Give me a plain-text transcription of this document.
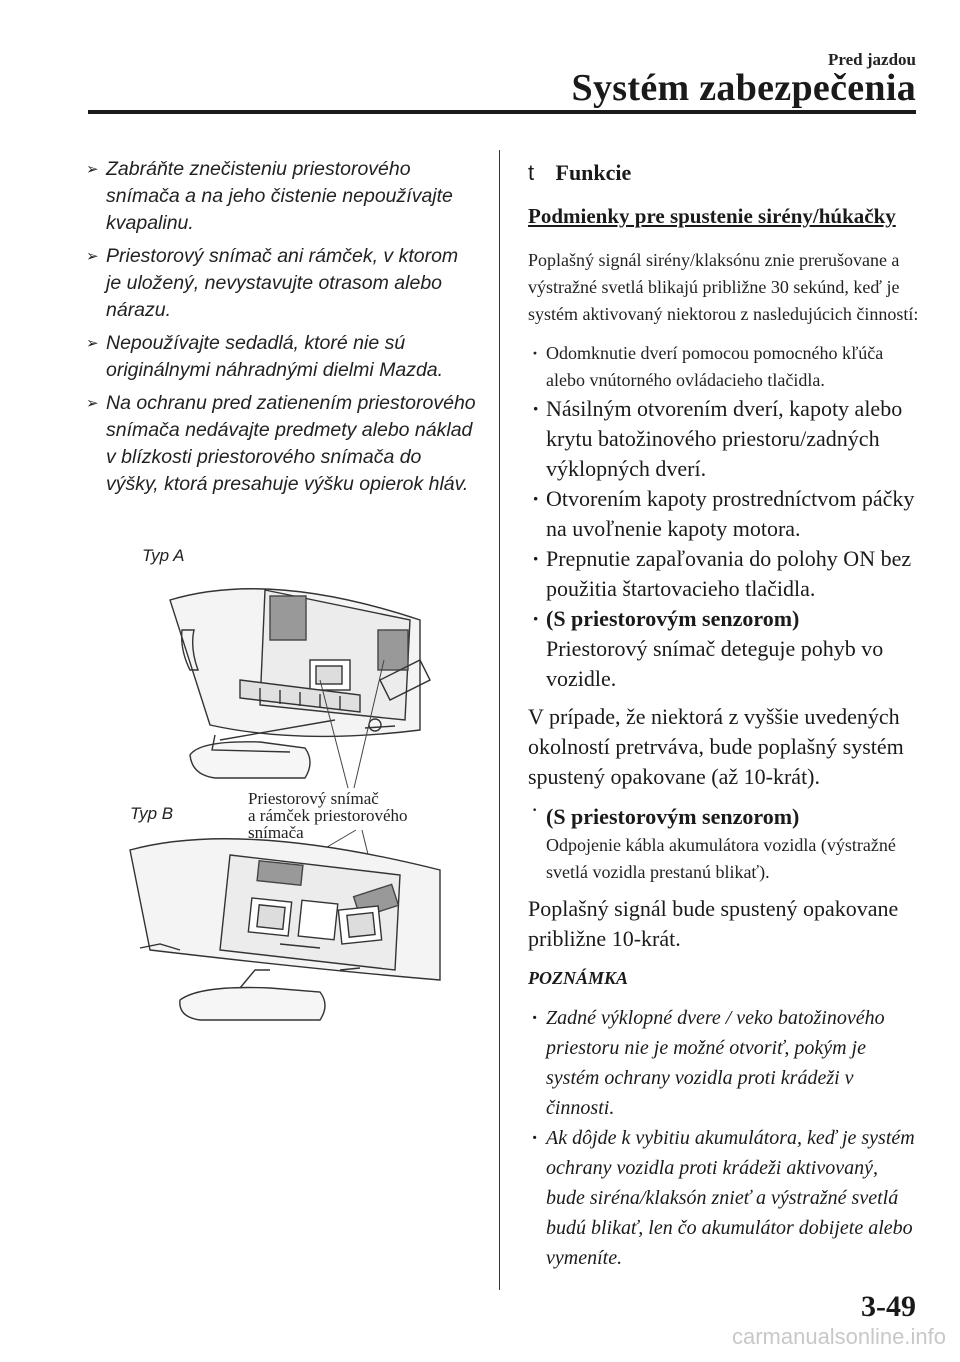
Pred jazdou
Systém zabezpečenia
➢ Zabráňte znečisteniu priestorového snímača a na jeho čistenie nepoužívajte kvapalinu.
➢ Priestorový snímač ani rámček, v ktorom je uložený, nevystavujte otrasom alebo nárazu.
➢ Nepoužívajte sedadlá, ktoré nie sú originálnymi náhradnými dielmi Mazda.
➢ Na ochranu pred zatienením priestorového snímača nedávajte predmety alebo náklad v blízkosti priestorového snímača do výšky, ktorá presahuje výšku opierok hláv.
Typ A
Typ B
Priestorový snímač
a rámček priestorového
snímača
t Funkcie
Podmienky pre spustenie sirény/húkačky

Poplašný signál sirény/klaksónu znie prerušovane a výstražné svetlá blikajú približne 30 sekúnd, keď je systém aktivovaný niektorou z nasledujúcich činností:

· Odomknutie dverí pomocou pomocného kľúča alebo vnútorného ovládacieho tlačidla.
· Násilným otvorením dverí, kapoty alebo krytu batožinového priestoru/zadných výklopných dverí.
· Otvorením kapoty prostredníctvom páčky na uvoľnenie kapoty motora.
· Prepnutie zapaľovania do polohy ON bez použitia štartovacieho tlačidla.
· (S priestorovým senzorom)
Priestorový snímač deteguje pohyb vo vozidle.

V prípade, že niektorá z vyššie uvedených okolností pretrváva, bude poplašný systém spustený opakovane (až 10-krát).

· (S priestorovým senzorom)
Odpojenie kábla akumulátora vozidla (výstražné svetlá vozidla prestanú blikať).

Poplašný signál bude spustený opakovane približne 10-krát.

POZNÁMKA
· Zadné výklopné dvere / veko batožinového priestoru nie je možné otvoriť, pokým je systém ochrany vozidla proti krádeži v činnosti.
· Ak dôjde k vybitiu akumulátora, keď je systém ochrany vozidla proti krádeži aktivovaný, bude siréna/klaksón znieť a výstražné svetlá budú blikať, len čo akumulátor dobijete alebo vymeníte.
3-49
carmanualsonline.info
